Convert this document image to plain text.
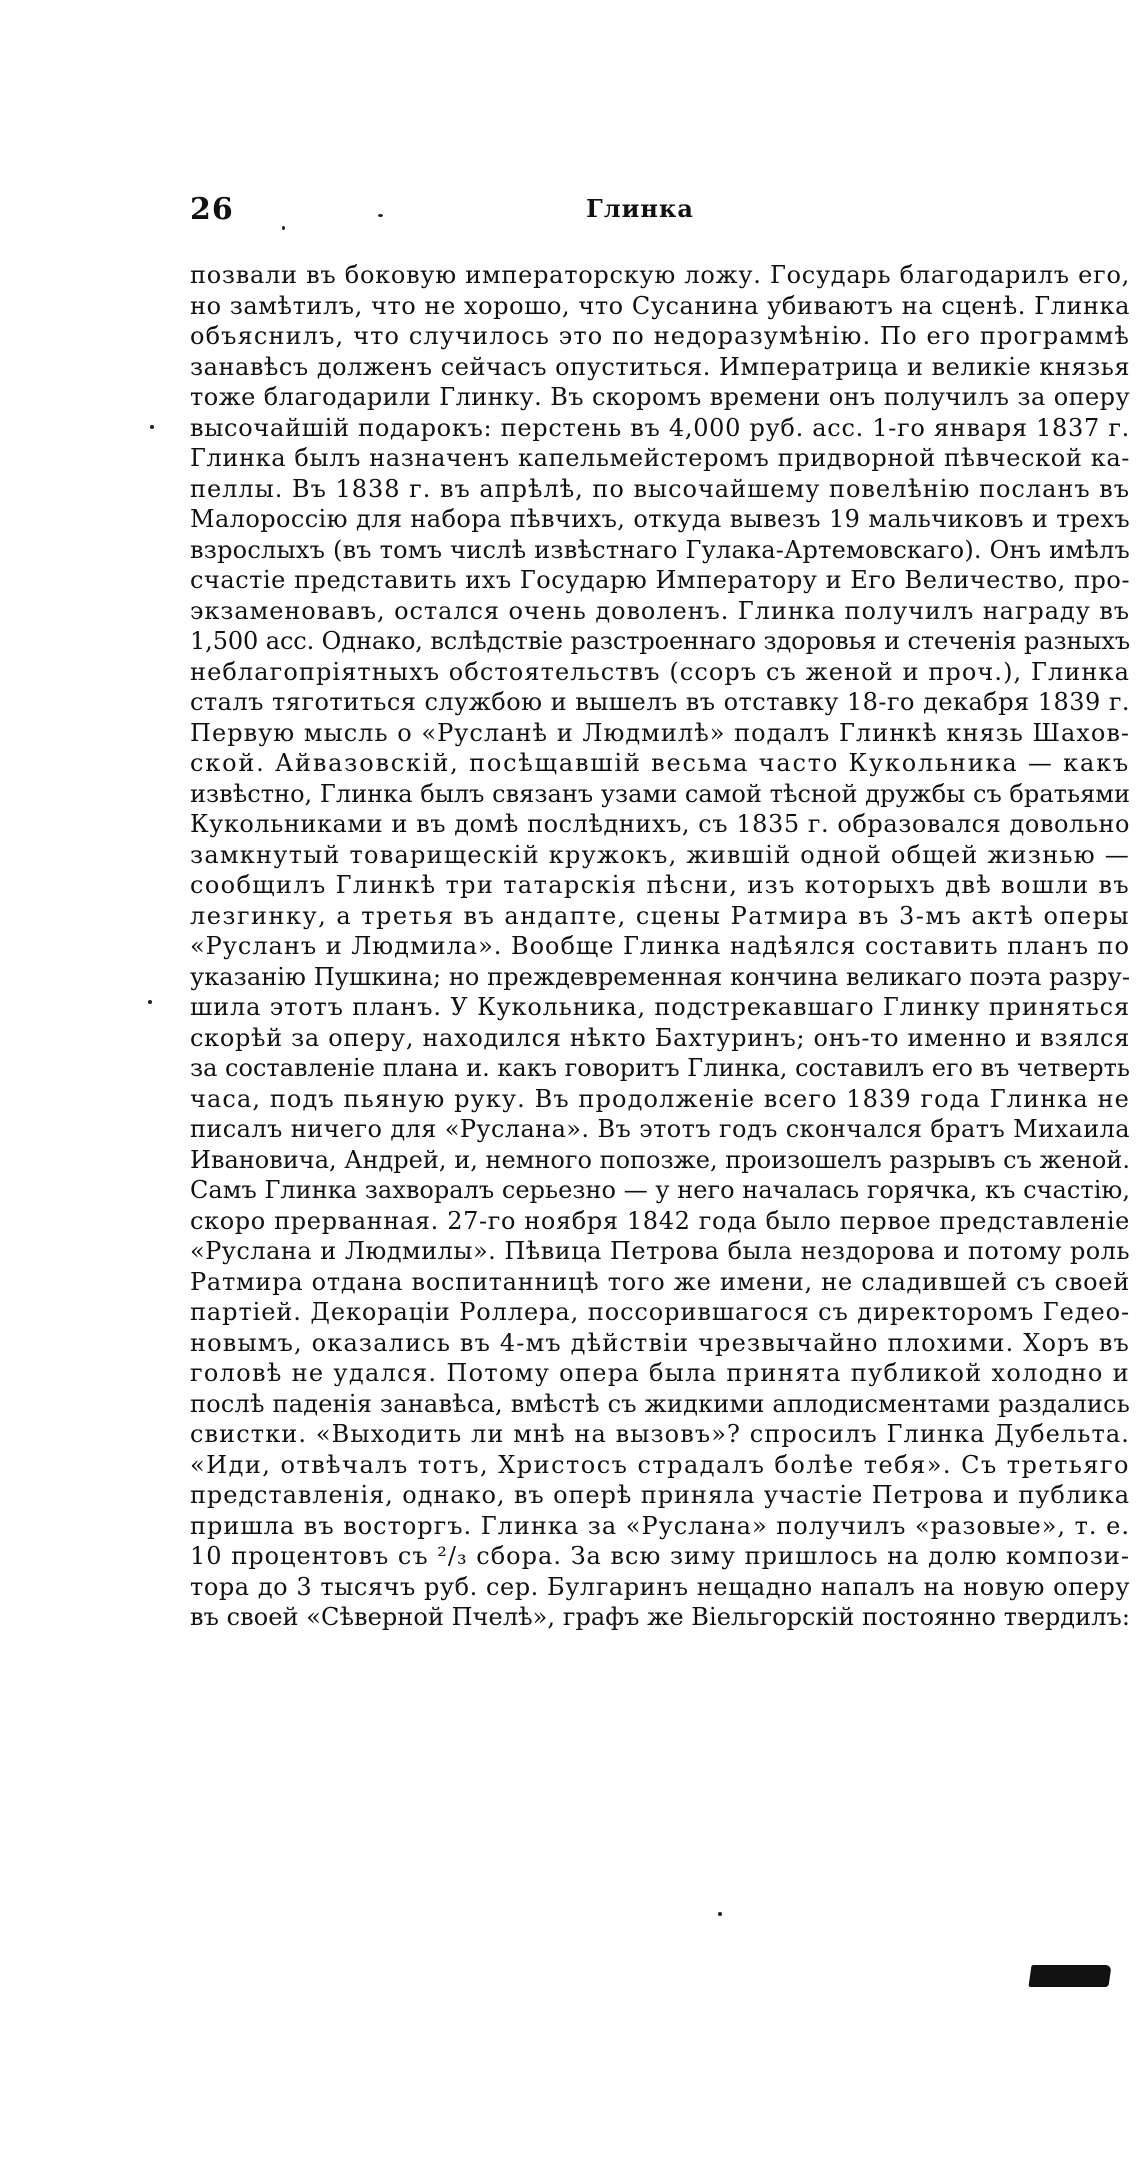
26	Глинка
позвали въ боковую императорскую ложу. Государь благодарилъ его,
но замѣтилъ, что не хорошо, что Сусанина убиваютъ на сценѣ. Глинка
объяснилъ, что случилось это по недоразумѣнію. По его программѣ
занавѣсъ долженъ сейчасъ опуститься. Императрица и великіе князья
тоже благодарили Глинку. Въ скоромъ времени онъ получилъ за оперу
высочайшій подарокъ: перстень въ 4,000 руб. асс. 1-го января 1837 г.
Глинка былъ назначенъ капельмейстеромъ придворной пѣвческой ка-
пеллы. Въ 1838 г. въ апрѣлѣ, по высочайшему повелѣнію посланъ въ
Малороссію для набора пѣвчихъ, откуда вывезъ 19 мальчиковъ и трехъ
взрослыхъ (въ томъ числѣ извѣстнаго Гулака-Артемовскаго). Онъ имѣлъ
счастіе представить ихъ Государю Императору и Его Величество, про-
экзаменовавъ, остался очень доволенъ. Глинка получилъ награду въ
1,500 асс. Однако, вслѣдствіе разстроеннаго здоровья и стеченія разныхъ
неблагопріятныхъ обстоятельствъ (ссоръ съ женой и проч.), Глинка
сталъ тяготиться службою и вышелъ въ отставку 18-го декабря 1839 г.
Первую мысль о «Русланѣ и Людмилѣ» подалъ Глинкѣ князь Шахов-
ской. Айвазовскій, посѣщавшій весьма часто Кукольника — какъ
извѣстно, Глинка былъ связанъ узами самой тѣсной дружбы съ братьями
Кукольниками и въ домѣ послѣднихъ, съ 1835 г. образовался довольно
замкнутый товарищескій кружокъ, жившій одной общей жизнью —
сообщилъ Глинкѣ три татарскія пѣсни, изъ которыхъ двѣ вошли въ
лезгинку, а третья въ андапте, сцены Ратмира въ 3-мъ актѣ оперы
«Русланъ и Людмила». Вообще Глинка надѣялся составить планъ по
указанію Пушкина; но преждевременная кончина великаго поэта разру-
шила этотъ планъ. У Кукольника, подстрекавшаго Глинку приняться
скорѣй за оперу, находился нѣкто Бахтуринъ; онъ-то именно и взялся
за составленіе плана и. какъ говоритъ Глинка, составилъ его въ четверть
часа, подъ пьяную руку. Въ продолженіе всего 1839 года Глинка не
писалъ ничего для «Руслана». Въ этотъ годъ скончался братъ Михаила
Ивановича, Андрей, и, немного попозже, произошелъ разрывъ съ женой.
Самъ Глинка захворалъ серьезно — у него началась горячка, къ счастію,
скоро прерванная. 27-го ноября 1842 года было первое представленіе
«Руслана и Людмилы». Пѣвица Петрова была нездорова и потому роль
Ратмира отдана воспитанницѣ того же имени, не сладившей съ своей
партіей. Декораціи Роллера, поссорившагося съ директоромъ Гедео-
новымъ, оказались въ 4-мъ дѣйствіи чрезвычайно плохими. Хоръ въ
головѣ не удался. Потому опера была принята публикой холодно и
послѣ паденія занавѣса, вмѣстѣ съ жидкими аплодисментами раздались
свистки. «Выходить ли мнѣ на вызовъ»? спросилъ Глинка Дубельта.
«Иди, отвѣчалъ тотъ, Христосъ страдалъ болѣе тебя». Съ третьяго
представленія, однако, въ оперѣ приняла участіе Петрова и публика
пришла въ восторгъ. Глинка за «Руслана» получилъ «разовые», т. е.
10 процентовъ съ ²/₃ сбора. За всю зиму пришлось на долю компози-
тора до 3 тысячъ руб. сер. Булгаринъ нещадно напалъ на новую оперу
въ своей «Сѣверной Пчелѣ», графъ же Віельгорскій постоянно твердилъ:
